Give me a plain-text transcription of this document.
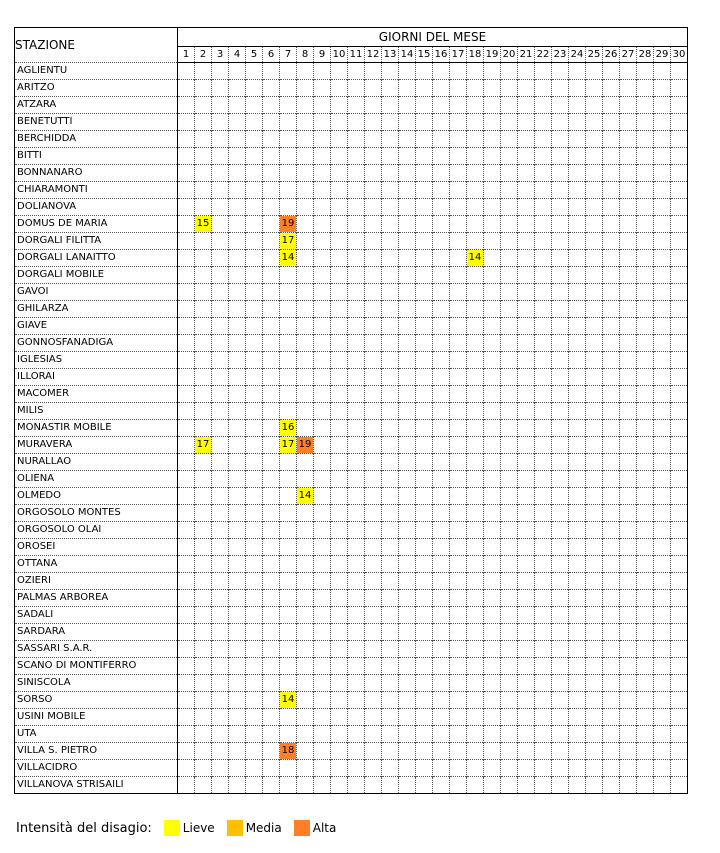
STAZIONE	GIORNI DEL MESE																													
	1	2	3	4	5	6	7	8	9	10	11	12	13	14	15	16	17	18	19	20	21	22	23	24	25	26	27	28	29	30
AGLIENTU																														
ARITZO																														
ATZARA																														
BENETUTTI																														
BERCHIDDA																														
BITTI																														
BONNANARO																														
CHIARAMONTI																														
DOLIANOVA																														
DOMUS DE MARIA		15					19																							
DORGALI FILITTA							17																							
DORGALI LANAITTO							14											14												
DORGALI MOBILE																														
GAVOI																														
GHILARZA																														
GIAVE																														
GONNOSFANADIGA																														
IGLESIAS																														
ILLORAI																														
MACOMER																														
MILIS																														
MONASTIR MOBILE							16																							
MURAVERA		17					17	19																						
NURALLAO																														
OLIENA																														
OLMEDO								14																						
ORGOSOLO MONTES																														
ORGOSOLO OLAI																														
OROSEI																														
OTTANA																														
OZIERI																														
PALMAS ARBOREA																														
SADALI																														
SARDARA																														
SASSARI S.A.R.																														
SCANO DI MONTIFERRO																														
SINISCOLA																														
SORSO							14																							
USINI MOBILE																														
UTA																														
VILLA S. PIETRO							18																							
VILLACIDRO																														
VILLANOVA STRISAILI																														
Intensità del disagio:	Lieve	Media	Alta
